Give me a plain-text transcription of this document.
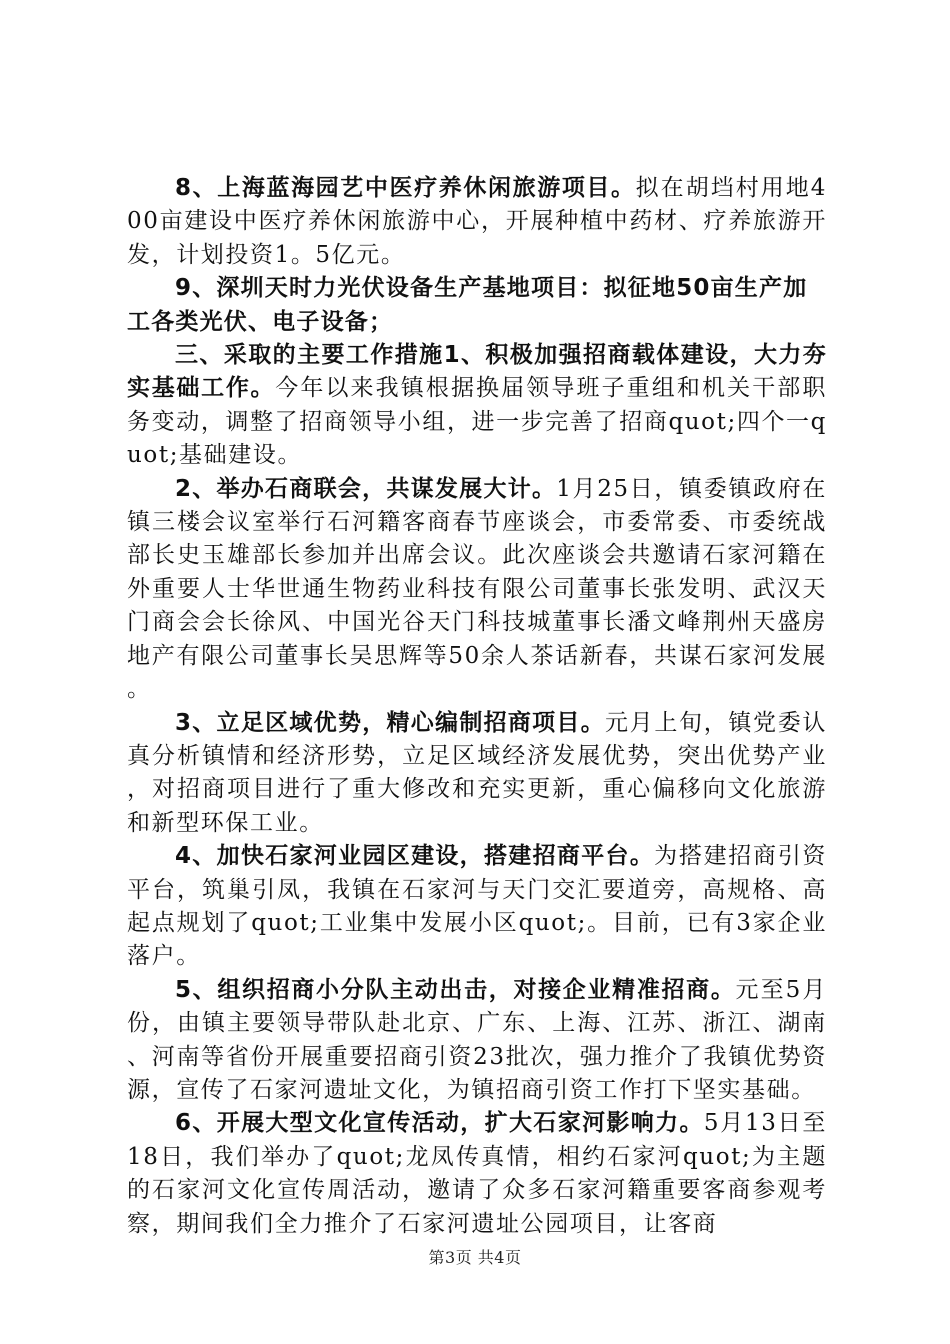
8、上海蓝海园艺中医疗养休闲旅游项目。拟在胡垱村用地400亩建设中医疗养休闲旅游中心，开展种植中药材、疗养旅游开发，计划投资1。5亿元。

9、深圳天时力光伏设备生产基地项目：拟征地50亩生产加工各类光伏、电子设备；

三、采取的主要工作措施1、积极加强招商载体建设，大力夯实基础工作。今年以来我镇根据换届领导班子重组和机关干部职务变动，调整了招商领导小组，进一步完善了招商quot;四个一quot;基础建设。

2、举办石商联会，共谋发展大计。1月25日，镇委镇政府在镇三楼会议室举行石河籍客商春节座谈会，市委常委、市委统战部长史玉雄部长参加并出席会议。此次座谈会共邀请石家河籍在外重要人士华世通生物药业科技有限公司董事长张发明、武汉天门商会会长徐风、中国光谷天门科技城董事长潘文峰荆州天盛房地产有限公司董事长吴思辉等50余人茶话新春，共谋石家河发展。

3、立足区域优势，精心编制招商项目。元月上旬，镇党委认真分析镇情和经济形势，立足区域经济发展优势，突出优势产业，对招商项目进行了重大修改和充实更新，重心偏移向文化旅游和新型环保工业。

4、加快石家河业园区建设，搭建招商平台。为搭建招商引资平台，筑巢引凤，我镇在石家河与天门交汇要道旁，高规格、高起点规划了quot;工业集中发展小区quot;。目前，已有3家企业落户。

5、组织招商小分队主动出击，对接企业精准招商。元至5月份，由镇主要领导带队赴北京、广东、上海、江苏、浙江、湖南、河南等省份开展重要招商引资23批次，强力推介了我镇优势资源，宣传了石家河遗址文化，为镇招商引资工作打下坚实基础。

6、开展大型文化宣传活动，扩大石家河影响力。5月13日至18日，我们举办了quot;龙凤传真情，相约石家河quot;为主题的石家河文化宣传周活动，邀请了众多石家河籍重要客商参观考察，期间我们全力推介了石家河遗址公园项目，让客商

第3页 共4页
